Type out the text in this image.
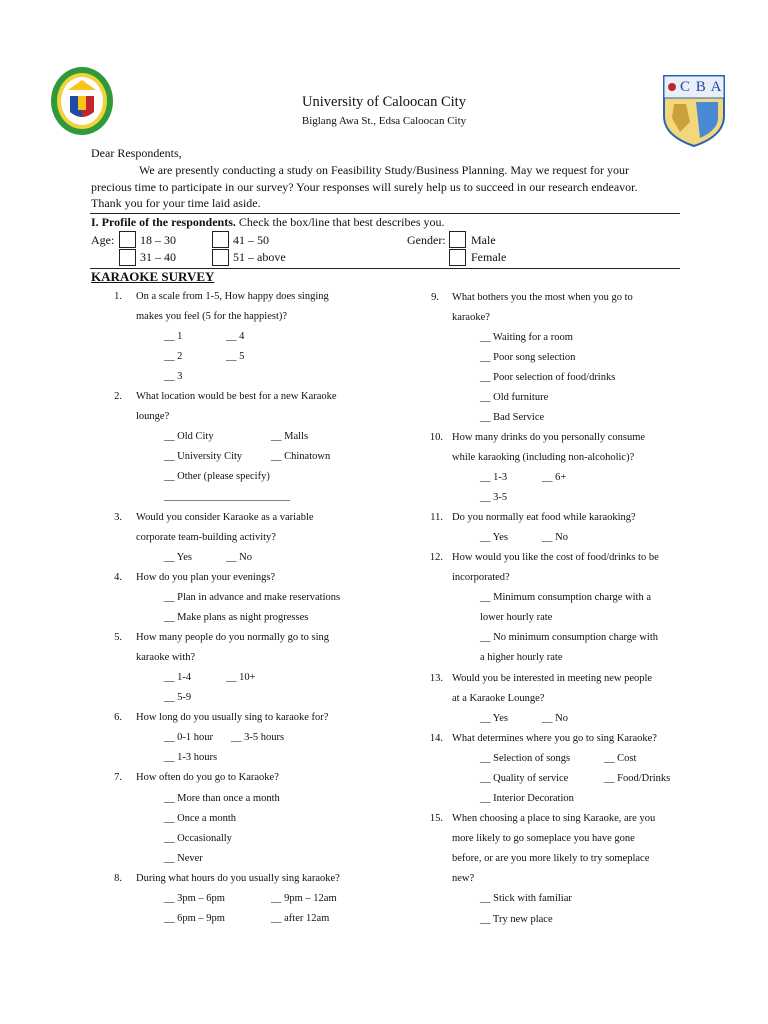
C B A
University of Caloocan City
Biglang Awa St., Edsa Caloocan City
Dear Respondents,
We are presently conducting a study on Feasibility Study/Business Planning. May we request for your
precious time to participate in our survey? Your responses will surely help us to succeed in our research endeavor.
Thank you for your time laid aside.
I. Profile of the respondents. Check the box/line that best describes you.
Age: 18 – 30	41 – 50
31 – 40	51 – above
Gender: Male
Female
KARAOKE SURVEY
1. On a scale from 1-5, How happy does singing
makes you feel (5 for the happiest)?
__ 1	__ 4
__ 2	__ 5
__ 3
2. What location would be best for a new Karaoke
lounge?
__ Old City	__ Malls
__ University City	__ Chinatown
__ Other (please specify)
________________________
3. Would you consider Karaoke as a variable
corporate team-building activity?
__ Yes	__ No
4. How do you plan your evenings?
__ Plan in advance and make reservations
__ Make plans as night progresses
5. How many people do you normally go to sing
karaoke with?
__ 1-4	__ 10+
__ 5-9
6. How long do you usually sing to karaoke for?
__ 0-1 hour __ 3-5 hours
__ 1-3 hours
7. How often do you go to Karaoke?
__ More than once a month
__ Once a month
__ Occasionally
__ Never
8. During what hours do you usually sing karaoke?
__ 3pm – 6pm	__ 9pm – 12am
__ 6pm – 9pm	__ after 12am
9. What bothers you the most when you go to
karaoke?
__ Waiting for a room
__ Poor song selection
__ Poor selection of food/drinks
__ Old furniture
__ Bad Service
10. How many drinks do you personally consume
while karaoking (including non-alcoholic)?
__ 1-3	__ 6+
__ 3-5
11. Do you normally eat food while karaoking?
__ Yes	__ No
12. How would you like the cost of food/drinks to be
incorporated?
__ Minimum consumption charge with a
lower hourly rate
__ No minimum consumption charge with
a higher hourly rate
13. Would you be interested in meeting new people
at a Karaoke Lounge?
__ Yes	__ No
14. What determines where you go to sing Karaoke?
__ Selection of songs	__ Cost
__ Quality of service	__ Food/Drinks
__ Interior Decoration
15. When choosing a place to sing Karaoke, are you
more likely to go someplace you have gone
before, or are you more likely to try someplace
new?
__ Stick with familiar
__ Try new place
